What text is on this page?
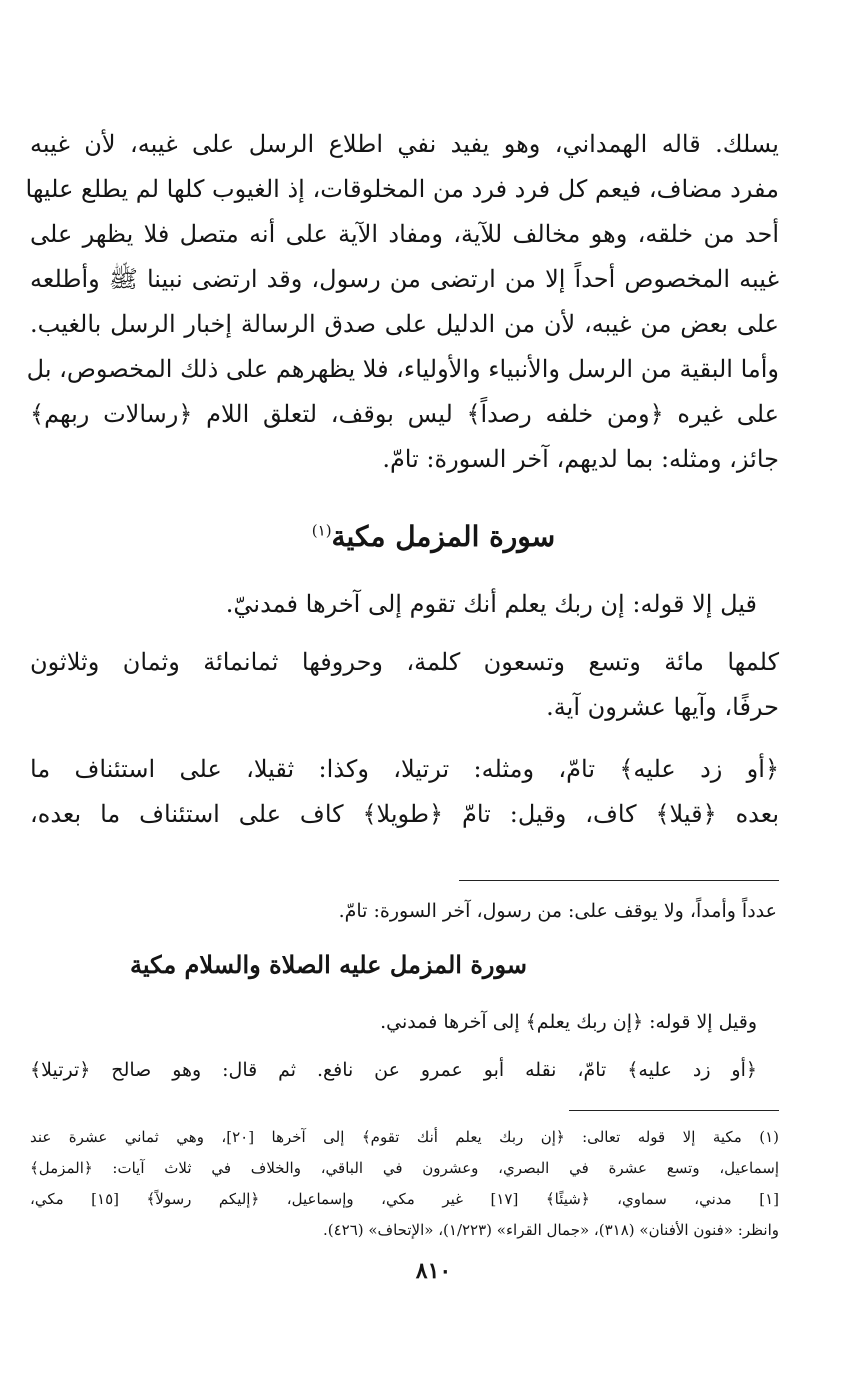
يسلك. قاله الهمداني، وهو يفيد نفي اطلاع الرسل على غيبه، لأن غيبه
مفرد مضاف، فيعم كل فرد فرد من المخلوقات، إذ الغيوب كلها لم يطلع عليها
أحد من خلقه، وهو مخالف للآية، ومفاد الآية على أنه متصل فلا يظهر على
غيبه المخصوص أحداً إلا من ارتضى من رسول، وقد ارتضى نبينا ﷺ وأطلعه
على بعض من غيبه، لأن من الدليل على صدق الرسالة إخبار الرسل بالغيب.
وأما البقية من الرسل والأنبياء والأولياء، فلا يظهرهم على ذلك المخصوص، بل
على غيره ﴿ومن خلفه رصداً﴾ ليس بوقف، لتعلق اللام ﴿رسالات ربهم﴾
جائز، ومثله: بما لديهم، آخر السورة: تامّ.
سورة المزمل مكية$^{(١)}$
قيل إلا قوله: إن ربك يعلم أنك تقوم إلى آخرها فمدنيّ.
كلمها مائة وتسع وتسعون كلمة، وحروفها ثمانمائة وثمان وثلاثون
حرفًا، وآيها عشرون آية.
﴿أو زد عليه﴾ تامّ، ومثله: ترتيلا، وكذا: ثقيلا، على استئناف ما
بعده ﴿قيلا﴾ كاف، وقيل: تامّ ﴿طويلا﴾ كاف على استئناف ما بعده،
عدداً وأمداً، ولا يوقف على: من رسول، آخر السورة: تامّ.
سورة المزمل عليه الصلاة والسلام مكية
وقيل إلا قوله: ﴿إن ربك يعلم﴾ إلى آخرها فمدني.
﴿أو زد عليه﴾ تامّ، نقله أبو عمرو عن نافع. ثم قال: وهو صالح ﴿ترتيلا﴾
(١) مكية إلا قوله تعالى: ﴿إن ربك يعلم أنك تقوم﴾ إلى آخرها [٢٠]، وهي ثماني عشرة عند
إسماعيل، وتسع عشرة في البصري، وعشرون في الباقي، والخلاف في ثلاث آيات: ﴿المزمل﴾
[١] مدني، سماوي، ﴿شيئًا﴾ [١٧] غير مكي، وإسماعيل، ﴿إليكم رسولاً﴾ [١٥] مكي،
وانظر: «فنون الأفنان» (٣١٨)، «جمال القراء» (١/٢٢٣)، «الإتحاف» (٤٢٦).
٨١٠
